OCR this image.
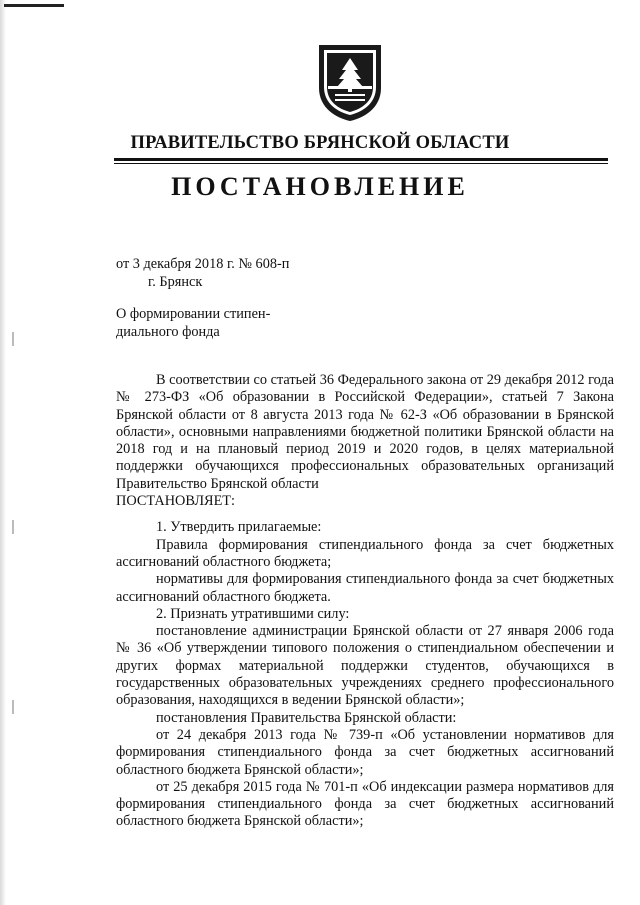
ПРАВИТЕЛЬСТВО БРЯНСКОЙ ОБЛАСТИ
ПОСТАНОВЛЕНИЕ
от 3 декабря 2018 г. № 608-п
г. Брянск
О формировании стипен-
диального фонда

В соответствии со статьей 36 Федерального закона от 29 декабря 2012 года № 273-ФЗ «Об образовании в Российской Федерации», статьей 7 Закона Брянской области от 8 августа 2013 года № 62-З «Об образовании в Брянской области», основными направлениями бюджетной политики Брянской области на 2018 год и на плановый период 2019 и 2020 годов, в целях материальной поддержки обучающихся профессиональных образовательных организаций Правительство Брянской области

ПОСТАНОВЛЯЕТ:

1. Утвердить прилагаемые:

Правила формирования стипендиального фонда за счет бюджетных ассигнований областного бюджета;

нормативы для формирования стипендиального фонда за счет бюджетных ассигнований областного бюджета.

2. Признать утратившими силу:

постановление администрации Брянской области от 27 января 2006 года № 36 «Об утверждении типового положения о стипендиальном обеспечении и других формах материальной поддержки студентов, обучающихся в государственных образовательных учреждениях среднего профессионального образования, находящихся в ведении Брянской области»;

постановления Правительства Брянской области:

от 24 декабря 2013 года № 739-п «Об установлении нормативов для формирования стипендиального фонда за счет бюджетных ассигнований областного бюджета Брянской области»;

от 25 декабря 2015 года № 701-п «Об индексации размера нормативов для формирования стипендиального фонда за счет бюджетных ассигнований областного бюджета Брянской области»;
